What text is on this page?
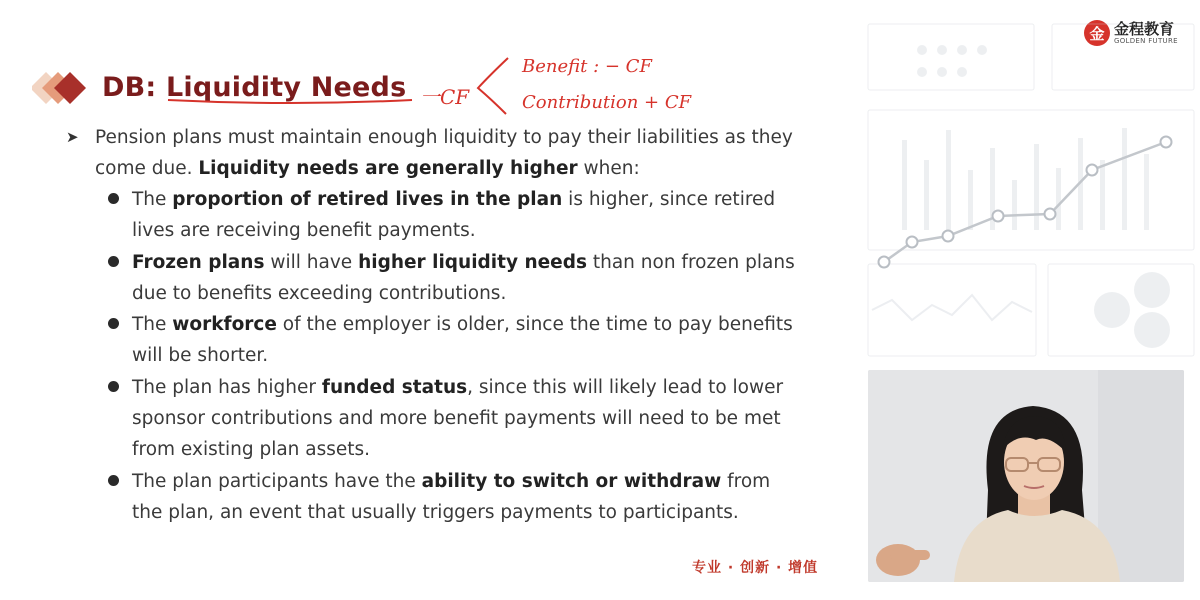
DB: Liquidity Needs 一CF
Benefit : − CF
Contribution + CF
➤ Pension plans must maintain enough liquidity to pay their liabilities as they come due. Liquidity needs are generally higher when:
The proportion of retired lives in the plan is higher, since retired lives are receiving benefit payments.
Frozen plans will have higher liquidity needs than non frozen plans due to benefits exceeding contributions.
The workforce of the employer is older, since the time to pay benefits will be shorter.
The plan has higher funded status, since this will likely lead to lower sponsor contributions and more benefit payments will need to be met from existing plan assets.
The plan participants have the ability to switch or withdraw from the plan, an event that usually triggers payments to participants.
专业 · 创新 · 增值
金 金程教育
GOLDEN FUTURE
